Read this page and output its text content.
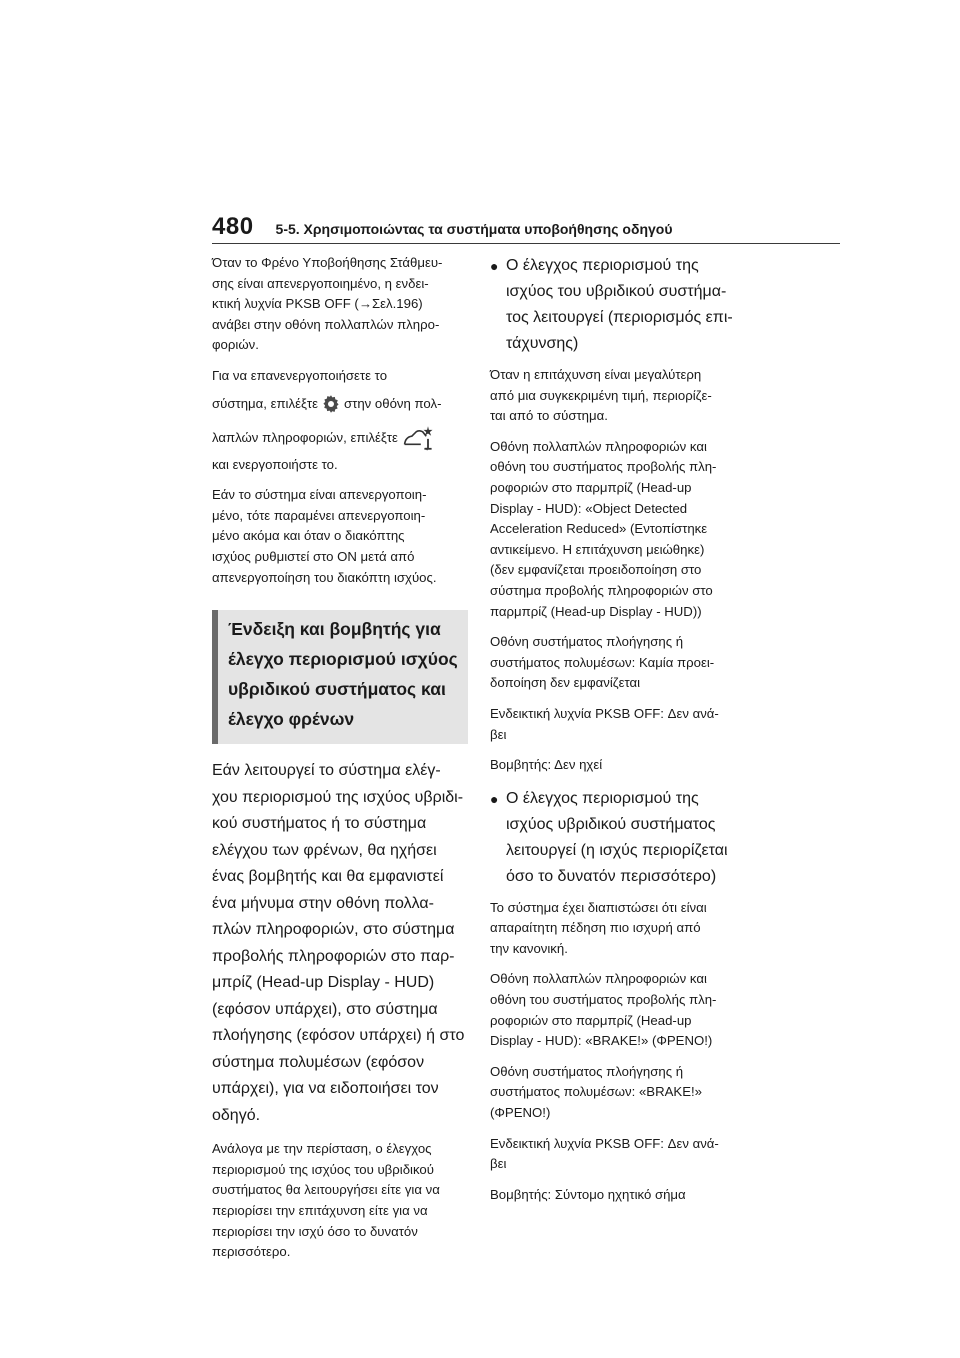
480 5-5. Χρησιμοποιώντας τα συστήματα υποβοήθησης οδηγού

Όταν το Φρένο Υποβοήθησης Στάθμευ-
σης είναι απενεργοποιημένο, η ενδει-
κτική λυχνία PKSB OFF (→Σελ.196)
ανάβει στην οθόνη πολλαπλών πληρο-
φοριών.

Για να επανενεργοποιήσετε το

σύστημα, επιλέξτε στην οθόνη πολ-

λαπλών πληροφοριών, επιλέξτε

και ενεργοποιήστε το.

Εάν το σύστημα είναι απενεργοποιη-
μένο, τότε παραμένει απενεργοποιη-
μένο ακόμα και όταν ο διακόπτης
ισχύος ρυθμιστεί στο ON μετά από
απενεργοποίηση του διακόπτη ισχύος.

Ένδειξη και βομβητής για
έλεγχο περιορισμού ισχύος
υβριδικού συστήματος και
έλεγχο φρένων

Εάν λειτουργεί το σύστημα ελέγ-
χου περιορισμού της ισχύος υβριδι-
κού συστήματος ή το σύστημα
ελέγχου των φρένων, θα ηχήσει
ένας βομβητής και θα εμφανιστεί
ένα μήνυμα στην οθόνη πολλα-
πλών πληροφοριών, στο σύστημα
προβολής πληροφοριών στο παρ-
μπρίζ (Head-up Display - HUD)
(εφόσον υπάρχει), στο σύστημα
πλοήγησης (εφόσον υπάρχει) ή στο
σύστημα πολυμέσων (εφόσον
υπάρχει), για να ειδοποιήσει τον
οδηγό.

Ανάλογα με την περίσταση, ο έλεγχος
περιορισμού της ισχύος του υβριδικού
συστήματος θα λειτουργήσει είτε για να
περιορίσει την επιτάχυνση είτε για να
περιορίσει την ισχύ όσο το δυνατόν
περισσότερο.

● Ο έλεγχος περιορισμού της
ισχύος του υβριδικού συστήμα-
τος λειτουργεί (περιορισμός επι-
τάχυνσης)

Όταν η επιτάχυνση είναι μεγαλύτερη
από μια συγκεκριμένη τιμή, περιορίζε-
ται από το σύστημα.

Οθόνη πολλαπλών πληροφοριών και
οθόνη του συστήματος προβολής πλη-
ροφοριών στο παρμπρίζ (Head-up
Display - HUD): «Object Detected
Acceleration Reduced» (Εντοπίστηκε
αντικείμενο. Η επιτάχυνση μειώθηκε)
(δεν εμφανίζεται προειδοποίηση στο
σύστημα προβολής πληροφοριών στο
παρμπρίζ (Head-up Display - HUD))

Οθόνη συστήματος πλοήγησης ή
συστήματος πολυμέσων: Καμία προει-
δοποίηση δεν εμφανίζεται

Ενδεικτική λυχνία PKSB OFF: Δεν ανά-
βει

Βομβητής: Δεν ηχεί

● Ο έλεγχος περιορισμού της
ισχύος υβριδικού συστήματος
λειτουργεί (η ισχύς περιορίζεται
όσο το δυνατόν περισσότερο)

Το σύστημα έχει διαπιστώσει ότι είναι
απαραίτητη πέδηση πιο ισχυρή από
την κανονική.

Οθόνη πολλαπλών πληροφοριών και
οθόνη του συστήματος προβολής πλη-
ροφοριών στο παρμπρίζ (Head-up
Display - HUD): «BRAKE!» (ΦΡΕΝΟ!)

Οθόνη συστήματος πλοήγησης ή
συστήματος πολυμέσων: «BRAKE!»
(ΦΡΕΝΟ!)

Ενδεικτική λυχνία PKSB OFF: Δεν ανά-
βει

Βομβητής: Σύντομο ηχητικό σήμα
